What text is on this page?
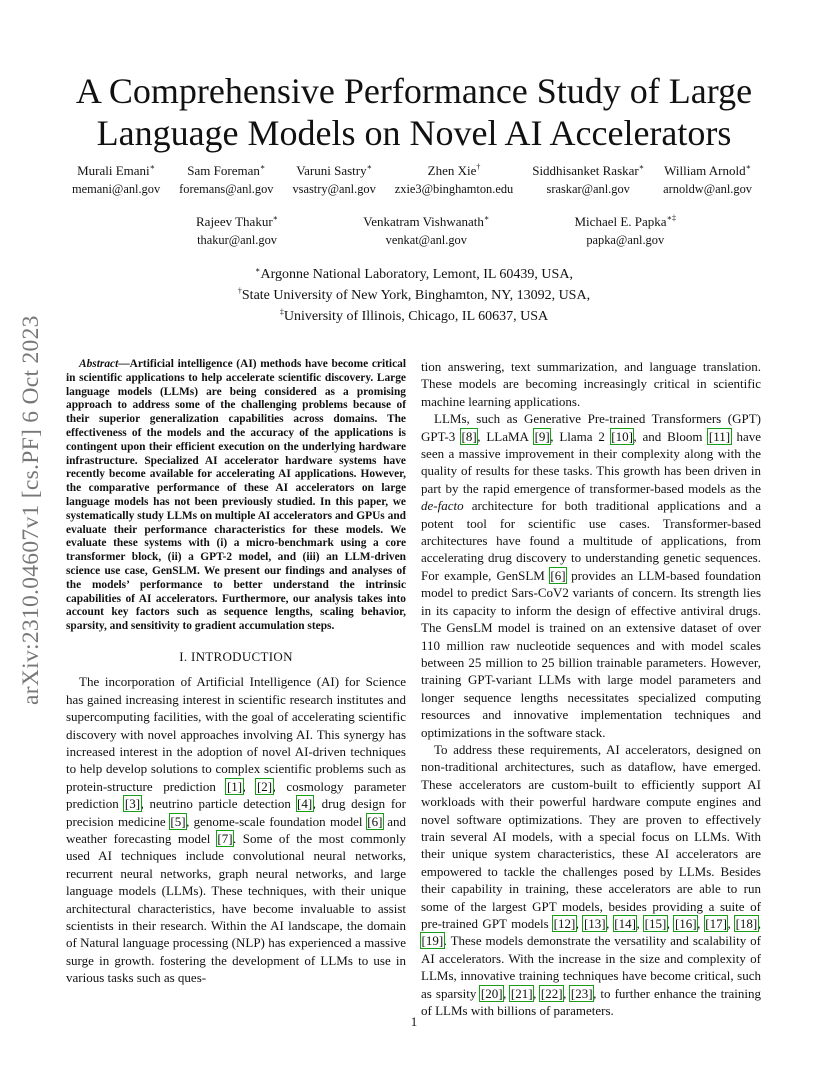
A Comprehensive Performance Study of Large
Language Models on Novel AI Accelerators
Murali Emani∗
memani@anl.gov
Sam Foreman∗
foremans@anl.gov
Varuni Sastry∗
vsastry@anl.gov
Zhen Xie†
zxie3@binghamton.edu
Siddhisanket Raskar∗
sraskar@anl.gov
William Arnold∗
arnoldw@anl.gov
Rajeev Thakur∗
thakur@anl.gov
Venkatram Vishwanath∗
venkat@anl.gov
Michael E. Papka∗‡
papka@anl.gov
∗Argonne National Laboratory, Lemont, IL 60439, USA,
†State University of New York, Binghamton, NY, 13092, USA,
‡University of Illinois, Chicago, IL 60637, USA
arXiv:2310.04607v1 [cs.PF] 6 Oct 2023	Abstract—Artificial intelligence (AI) methods have become critical in scientific applications to help accelerate scientific discovery. Large language models (LLMs) are being considered as a promising approach to address some of the challenging problems because of their superior generalization capabilities across domains. The effectiveness of the models and the accuracy of the applications is contingent upon their efficient execution on the underlying hardware infrastructure. Specialized AI accelerator hardware systems have recently become available for accelerating AI applications. However, the comparative performance of these AI accelerators on large language models has not been previously studied. In this paper, we systematically study LLMs on multiple AI accelerators and GPUs and evaluate their performance characteristics for these models. We evaluate these systems with (i) a micro-benchmark using a core transformer block, (ii) a GPT-2 model, and (iii) an LLM-driven science use case, GenSLM. We present our findings and analyses of the models’ performance to better understand the intrinsic capabilities of AI accelerators. Furthermore, our analysis takes into account key factors such as sequence lengths, scaling behavior, sparsity, and sensitivity to gradient accumulation steps.

I. INTRODUCTION

The incorporation of Artificial Intelligence (AI) for Science has gained increasing interest in scientific research institutes and supercomputing facilities, with the goal of accelerating scientific discovery with novel approaches involving AI. This synergy has increased interest in the adoption of novel AI-driven techniques to help develop solutions to complex scientific problems such as protein-structure prediction [1], [2], cosmology parameter prediction [3], neutrino particle detection [4], drug design for precision medicine [5], genome-scale foundation model [6] and weather forecasting model [7]. Some of the most commonly used AI techniques include convolutional neural networks, recurrent neural networks, graph neural networks, and large language models (LLMs). These techniques, with their unique architectural characteristics, have become invaluable to assist scientists in their research. Within the AI landscape, the domain of Natural language processing (NLP) has experienced a massive surge in growth. fostering the development of LLMs to use in various tasks such as ques-

tion answering, text summarization, and language translation. These models are becoming increasingly critical in scientific machine learning applications.

LLMs, such as Generative Pre-trained Transformers (GPT) GPT-3 [8], LLaMA [9], Llama 2 [10], and Bloom [11] have seen a massive improvement in their complexity along with the quality of results for these tasks. This growth has been driven in part by the rapid emergence of transformer-based models as the de-facto architecture for both traditional applications and a potent tool for scientific use cases. Transformer-based architectures have found a multitude of applications, from accelerating drug discovery to understanding genetic sequences. For example, GenSLM [6] provides an LLM-based foundation model to predict Sars-CoV2 variants of concern. Its strength lies in its capacity to inform the design of effective antiviral drugs. The GensLM model is trained on an extensive dataset of over 110 million raw nucleotide sequences and with model scales between 25 million to 25 billion trainable parameters. However, training GPT-variant LLMs with large model parameters and longer sequence lengths necessitates specialized computing resources and innovative implementation techniques and optimizations in the software stack.

To address these requirements, AI accelerators, designed on non-traditional architectures, such as dataflow, have emerged. These accelerators are custom-built to efficiently support AI workloads with their powerful hardware compute engines and novel software optimizations. They are proven to effectively train several AI models, with a special focus on LLMs. With their unique system characteristics, these AI accelerators are empowered to tackle the challenges posed by LLMs. Besides their capability in training, these accelerators are able to run some of the largest GPT models, besides providing a suite of pre-trained GPT models [12], [13], [14], [15], [16], [17], [18], [19]. These models demonstrate the versatility and scalability of AI accelerators. With the increase in the size and complexity of LLMs, innovative training techniques have become critical, such as sparsity [20], [21], [22], [23], to further enhance the training of LLMs with billions of parameters.

1
